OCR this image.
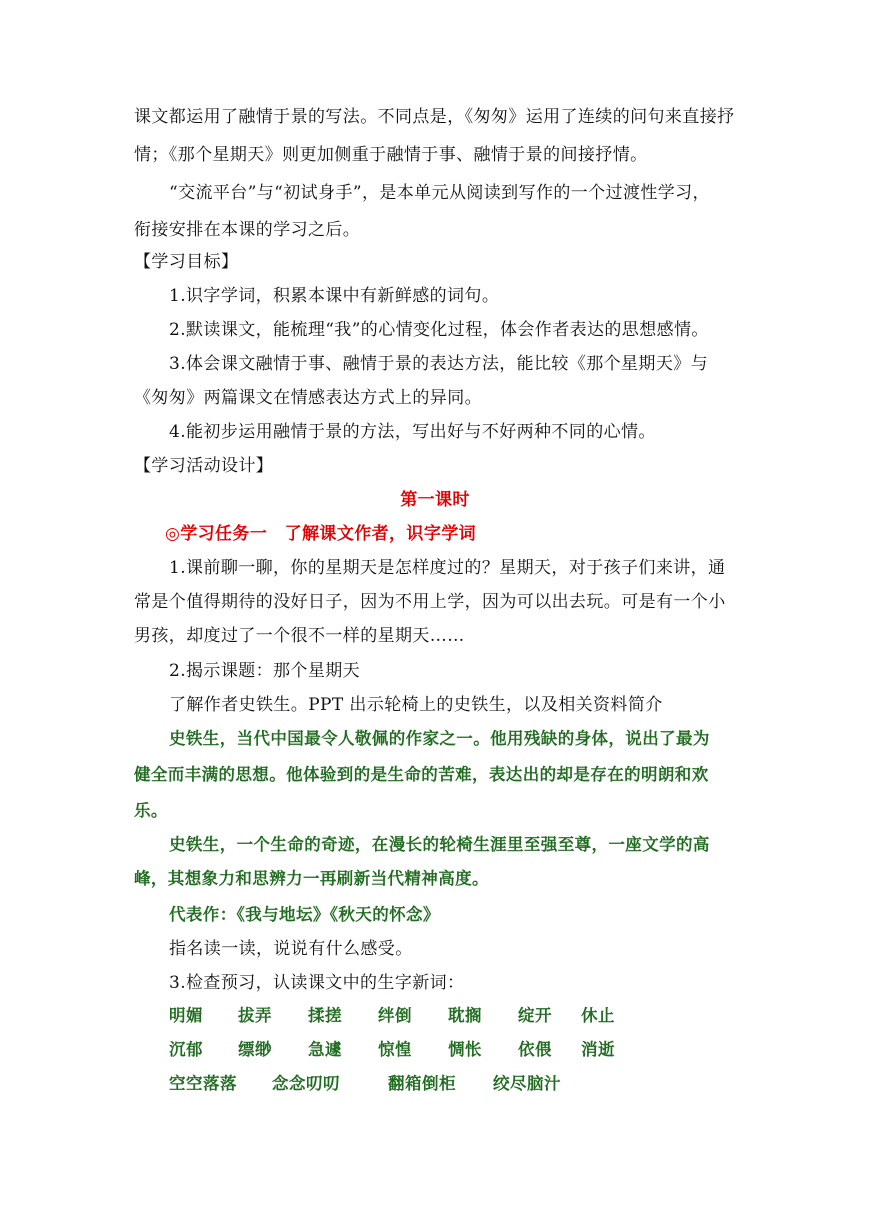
课文都运用了融情于景的写法。不同点是，《匆匆》运用了连续的问句来直接抒
情；《那个星期天》则更加侧重于融情于事、融情于景的间接抒情。
“交流平台”与“初试身手”，是本单元从阅读到写作的一个过渡性学习，
衔接安排在本课的学习之后。
【学习目标】
1.识字学词，积累本课中有新鲜感的词句。
2.默读课文，能梳理“我”的心情变化过程，体会作者表达的思想感情。
3.体会课文融情于事、融情于景的表达方法，能比较《那个星期天》与
《匆匆》两篇课文在情感表达方式上的异同。
4.能初步运用融情于景的方法，写出好与不好两种不同的心情。
【学习活动设计】
第一课时
◎学习任务一　了解课文作者，识字学词
1.课前聊一聊，你的星期天是怎样度过的？星期天，对于孩子们来讲，通
常是个值得期待的没好日子，因为不用上学，因为可以出去玩。可是有一个小
男孩，却度过了一个很不一样的星期天……
2.揭示课题：那个星期天
了解作者史铁生。PPT 出示轮椅上的史铁生，以及相关资料简介
史铁生，当代中国最令人敬佩的作家之一。他用残缺的身体，说出了最为
健全而丰满的思想。他体验到的是生命的苦难，表达出的却是存在的明朗和欢
乐。
史铁生，一个生命的奇迹，在漫长的轮椅生涯里至强至尊，一座文学的高
峰，其想象力和思辨力一再刷新当代精神高度。
代表作：《我与地坛》《秋天的怀念》
指名读一读，说说有什么感受。
3.检查预习，认读课文中的生字新词：
明媚 拔弄 揉搓 绊倒 耽搁 绽开 休止
沉郁 缥缈 急遽 惊惶 惆怅 依偎 消逝
空空落落 念念叨叨	翻箱倒柜 绞尽脑汁
